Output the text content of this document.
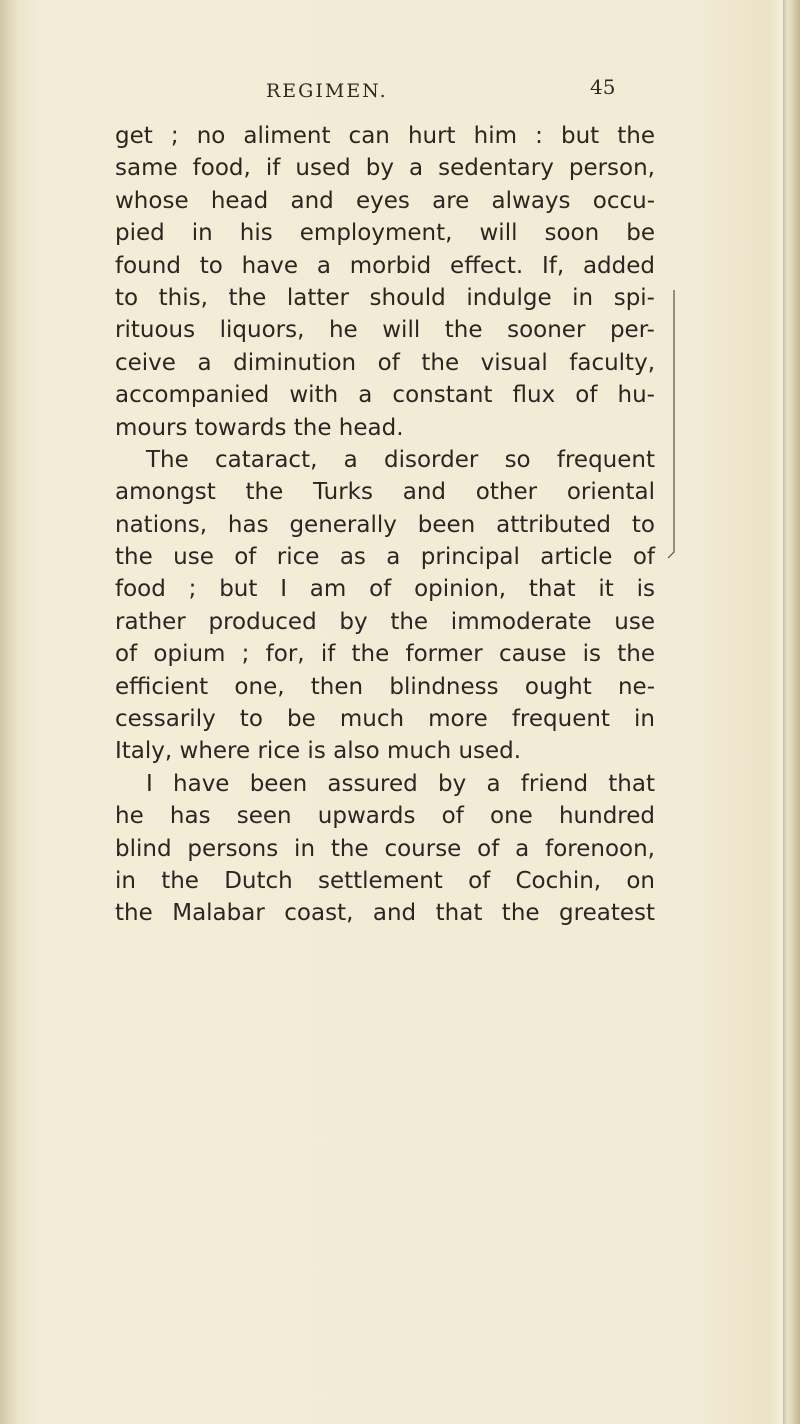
REGIMEN.	45
get ; no aliment can hurt him : but the
same food, if used by a sedentary person,
whose head and eyes are always occu-
pied in his employment, will soon be
found to have a morbid effect. If, added
to this, the latter should indulge in spi-
rituous liquors, he will the sooner per-
ceive a diminution of the visual faculty,
accompanied with a constant flux of hu-
mours towards the head.
The cataract, a disorder so frequent
amongst the Turks and other oriental
nations, has generally been attributed to
the use of rice as a principal article of
food ; but I am of opinion, that it is
rather produced by the immoderate use
of opium ; for, if the former cause is the
efficient one, then blindness ought ne-
cessarily to be much more frequent in
Italy, where rice is also much used.
I have been assured by a friend that
he has seen upwards of one hundred
blind persons in the course of a forenoon,
in the Dutch settlement of Cochin, on
the Malabar coast, and that the greatest
